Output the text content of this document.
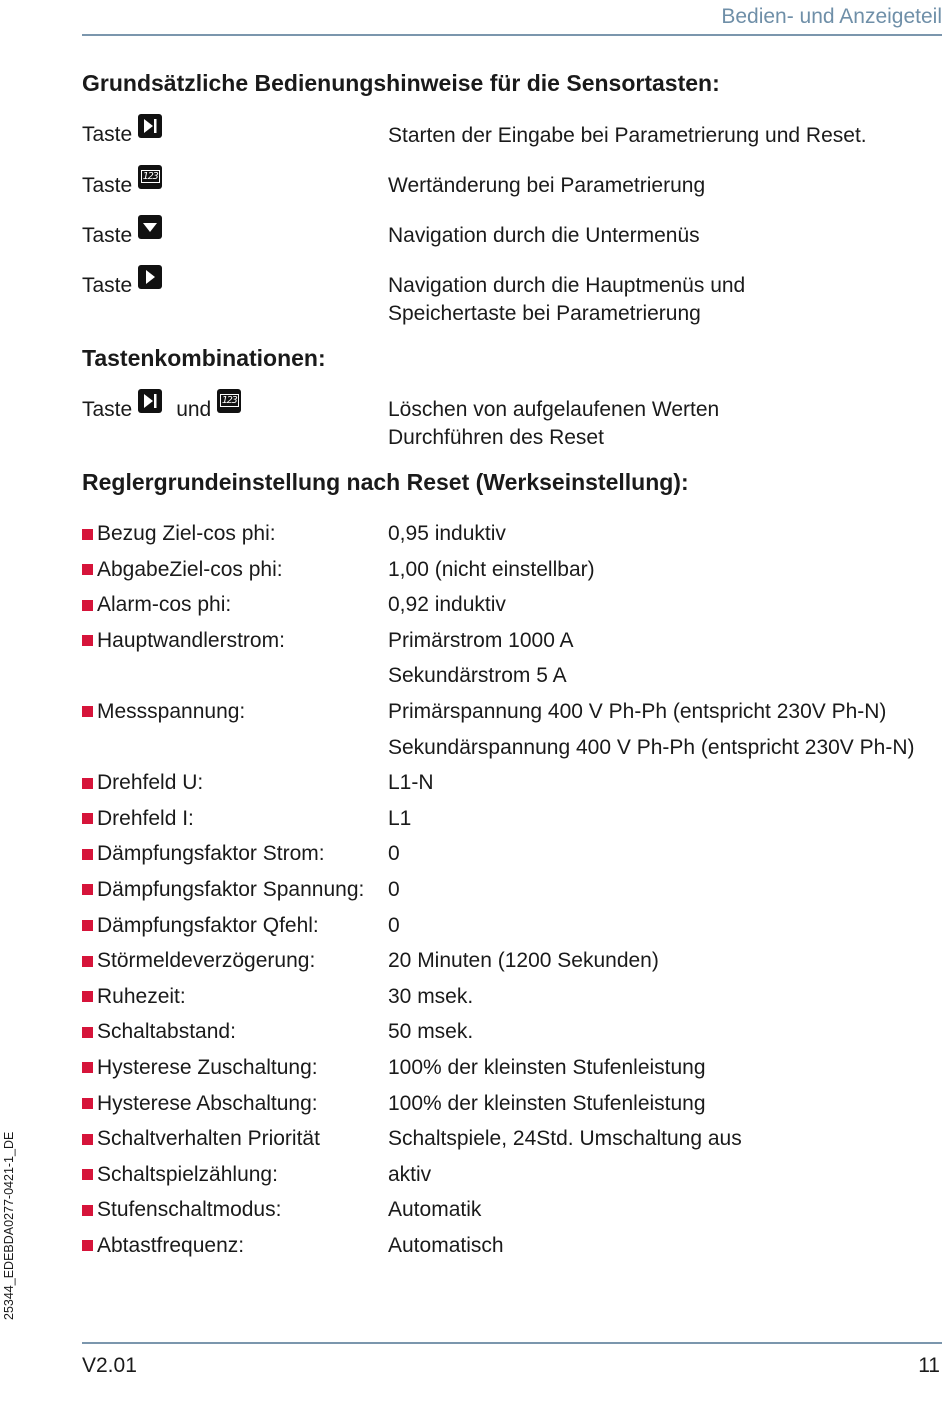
Bedien- und Anzeigeteil
Grundsätzliche Bedienungshinweise für die Sensortasten:
Taste	Starten der Eingabe bei Parametrierung und Reset.
Taste	123	Wertänderung bei Parametrierung
Taste	Navigation durch die Untermenüs
Taste	Navigation durch die Hauptmenüs und
Speichertaste bei Parametrierung
Tastenkombinationen:
Taste und	123	Löschen von aufgelaufenen Werten
Durchführen des Reset
Reglergrundeinstellung nach Reset (Werkseinstellung):
Bezug Ziel-cos phi:	0,95 induktiv
AbgabeZiel-cos phi:	1,00 (nicht einstellbar)
Alarm-cos phi:	0,92 induktiv
Hauptwandlerstrom:	Primärstrom 1000 A
Sekundärstrom 5 A
Messspannung:	Primärspannung 400 V Ph-Ph (entspricht 230V Ph-N)
Sekundärspannung 400 V Ph-Ph (entspricht 230V Ph-N)
Drehfeld U:	L1-N
Drehfeld I:	L1
Dämpfungsfaktor Strom:	0
Dämpfungsfaktor Spannung: 0
Dämpfungsfaktor Qfehl:	0
Störmeldeverzögerung:	20 Minuten (1200 Sekunden)
Ruhezeit:	30 msek.
Schaltabstand:	50 msek.
Hysterese Zuschaltung:	100% der kleinsten Stufenleistung
Hysterese Abschaltung:	100% der kleinsten Stufenleistung
Schaltverhalten Priorität	Schaltspiele, 24Std. Umschaltung aus
Schaltspielzählung:	aktiv
Stufenschaltmodus:	Automatik
Abtastfrequenz:	Automatisch
V2.01	11
25344_EDEBDA0277-0421-1_DE
